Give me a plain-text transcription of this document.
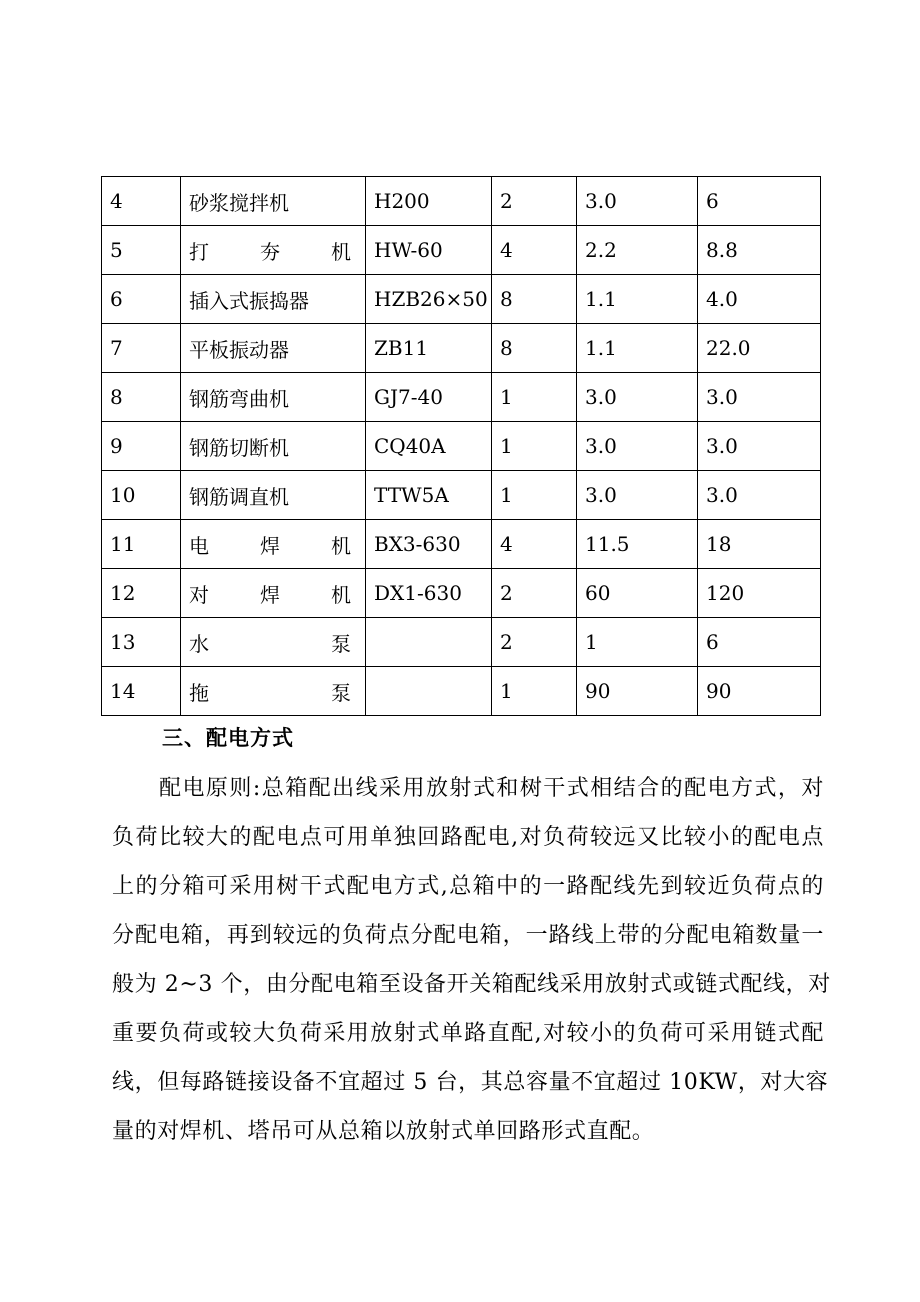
4	砂浆搅拌机	H200	2	3.0	6
5	打 夯 机	HW-60	4	2.2	8.8
6	插入式振捣器	HZB26×50	8	1.1	4.0
7	平板振动器	ZB11	8	1.1	22.0
8	钢筋弯曲机	GJ7-40	1	3.0	3.0
9	钢筋切断机	CQ40A	1	3.0	3.0
10	钢筋调直机	TTW5A	1	3.0	3.0
11	电 焊 机	BX3-630	4	11.5	18
12	对 焊 机	DX1-630	2	60	120
13	水 泵		2	1	6
14	拖 泵		1	90	90
三、配电方式
配电原则:总箱配出线采用放射式和树干式相结合的配电方式，对
负荷比较大的配电点可用单独回路配电,对负荷较远又比较小的配电点
上的分箱可采用树干式配电方式,总箱中的一路配线先到较近负荷点的
分配电箱，再到较远的负荷点分配电箱，一路线上带的分配电箱数量一
般为 2~3 个，由分配电箱至设备开关箱配线采用放射式或链式配线，对
重要负荷或较大负荷采用放射式单路直配,对较小的负荷可采用链式配
线，但每路链接设备不宜超过 5 台，其总容量不宜超过 10KW，对大容
量的对焊机、塔吊可从总箱以放射式单回路形式直配。
